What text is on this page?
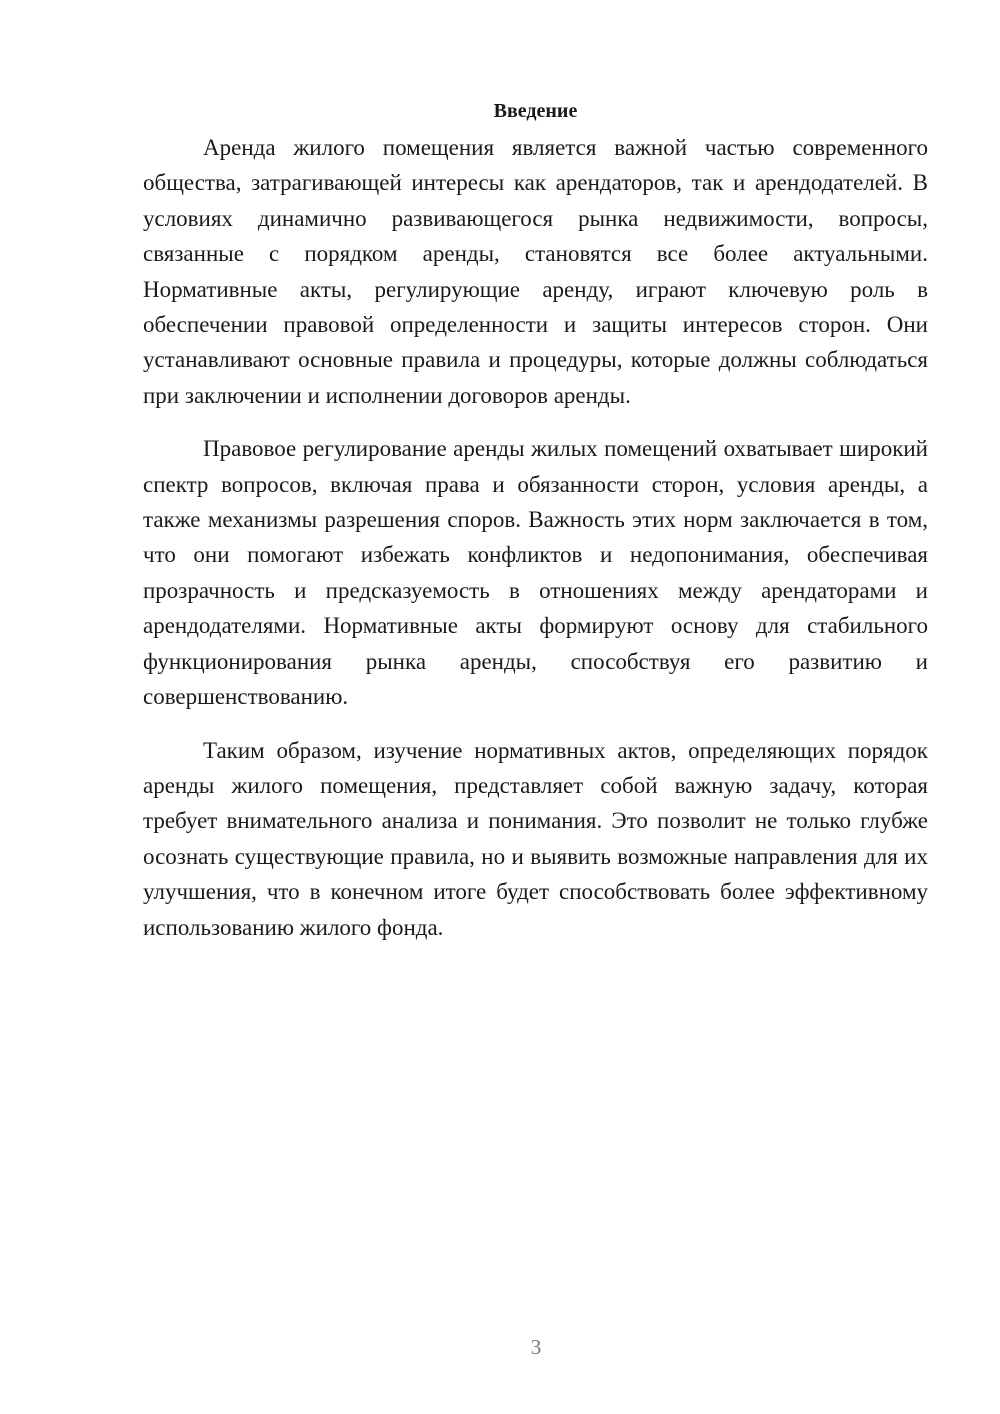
Введение

Аренда жилого помещения является важной частью современного общества, затрагивающей интересы как арендаторов, так и арендодателей. В условиях динамично развивающегося рынка недвижимости, вопросы, связанные с порядком аренды, становятся все более актуальными. Нормативные акты, регулирующие аренду, играют ключевую роль в обеспечении правовой определенности и защиты интересов сторон. Они устанавливают основные правила и процедуры, которые должны соблюдаться при заключении и исполнении договоров аренды.

Правовое регулирование аренды жилых помещений охватывает широкий спектр вопросов, включая права и обязанности сторон, условия аренды, а также механизмы разрешения споров. Важность этих норм заключается в том, что они помогают избежать конфликтов и недопонимания, обеспечивая прозрачность и предсказуемость в отношениях между арендаторами и арендодателями. Нормативные акты формируют основу для стабильного функционирования рынка аренды, способствуя его развитию и совершенствованию.

Таким образом, изучение нормативных актов, определяющих порядок аренды жилого помещения, представляет собой важную задачу, которая требует внимательного анализа и понимания. Это позволит не только глубже осознать существующие правила, но и выявить возможные направления для их улучшения, что в конечном итоге будет способствовать более эффективному использованию жилого фонда.

3
